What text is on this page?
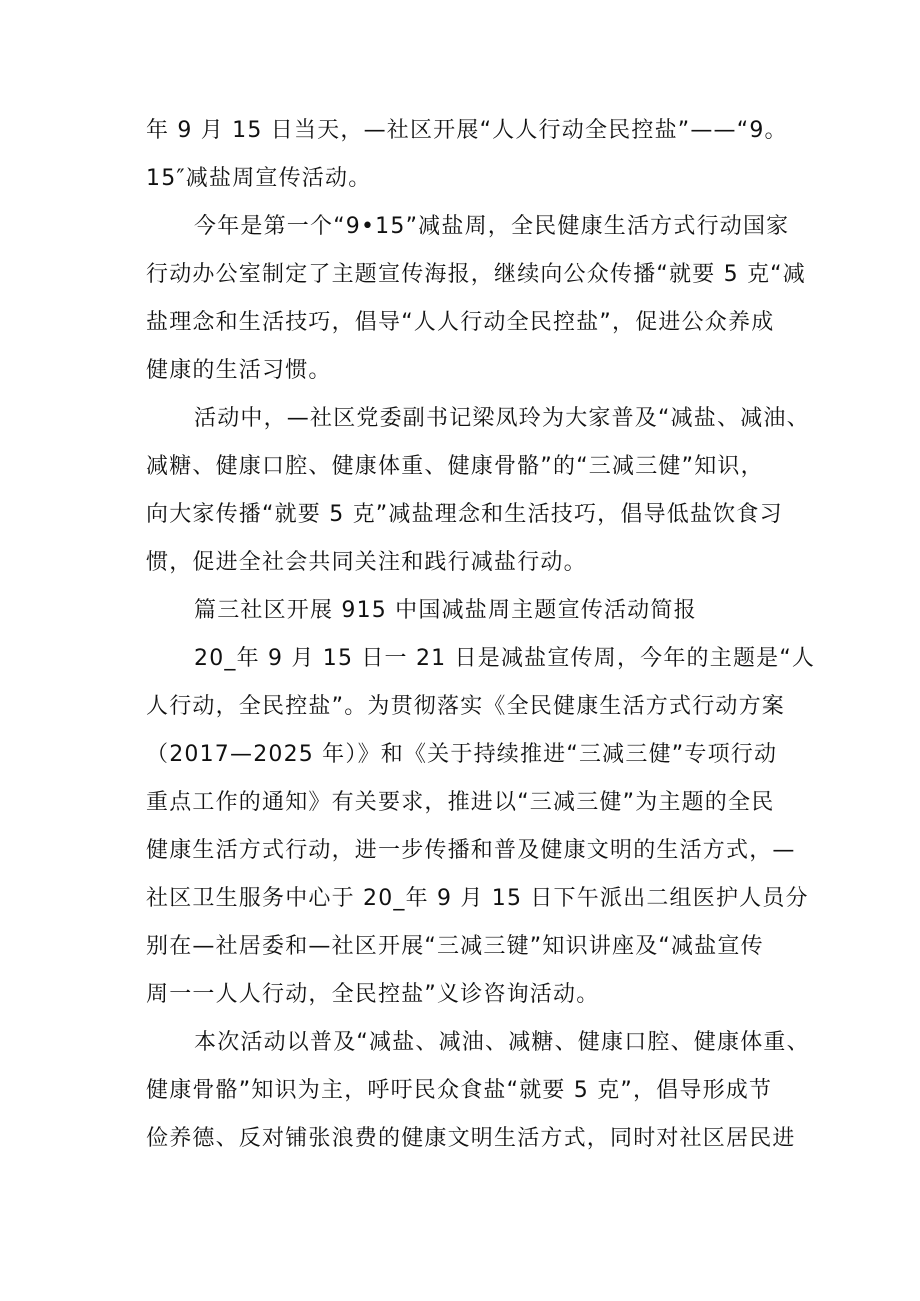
年 9 月 15 日当天，—社区开展“人人行动全民控盐”——“9。
15″减盐周宣传活动。
今年是第一个“9•15”减盐周，全民健康生活方式行动国家
行动办公室制定了主题宣传海报，继续向公众传播“就要 5 克“减
盐理念和生活技巧，倡导“人人行动全民控盐”，促进公众养成
健康的生活习惯。
活动中，—社区党委副书记梁凤玲为大家普及“减盐、减油、
减糖、健康口腔、健康体重、健康骨骼”的“三减三健”知识，
向大家传播“就要 5 克”减盐理念和生活技巧，倡导低盐饮食习
惯，促进全社会共同关注和践行减盐行动。
篇三社区开展 915 中国减盐周主题宣传活动简报
20_年 9 月 15 日一 21 日是减盐宣传周，今年的主题是“人
人行动，全民控盐”。为贯彻落实《全民健康生活方式行动方案
（2017—2025 年）》和《关于持续推进“三减三健”专项行动
重点工作的通知》有关要求，推进以“三减三健”为主题的全民
健康生活方式行动，进一步传播和普及健康文明的生活方式，—
社区卫生服务中心于 20_年 9 月 15 日下午派出二组医护人员分
别在—社居委和—社区开展“三减三键”知识讲座及“减盐宣传
周一一人人行动，全民控盐”义诊咨询活动。
本次活动以普及“减盐、减油、减糖、健康口腔、健康体重、
健康骨骼”知识为主，呼吁民众食盐“就要 5 克”，倡导形成节
俭养德、反对铺张浪费的健康文明生活方式，同时对社区居民进
